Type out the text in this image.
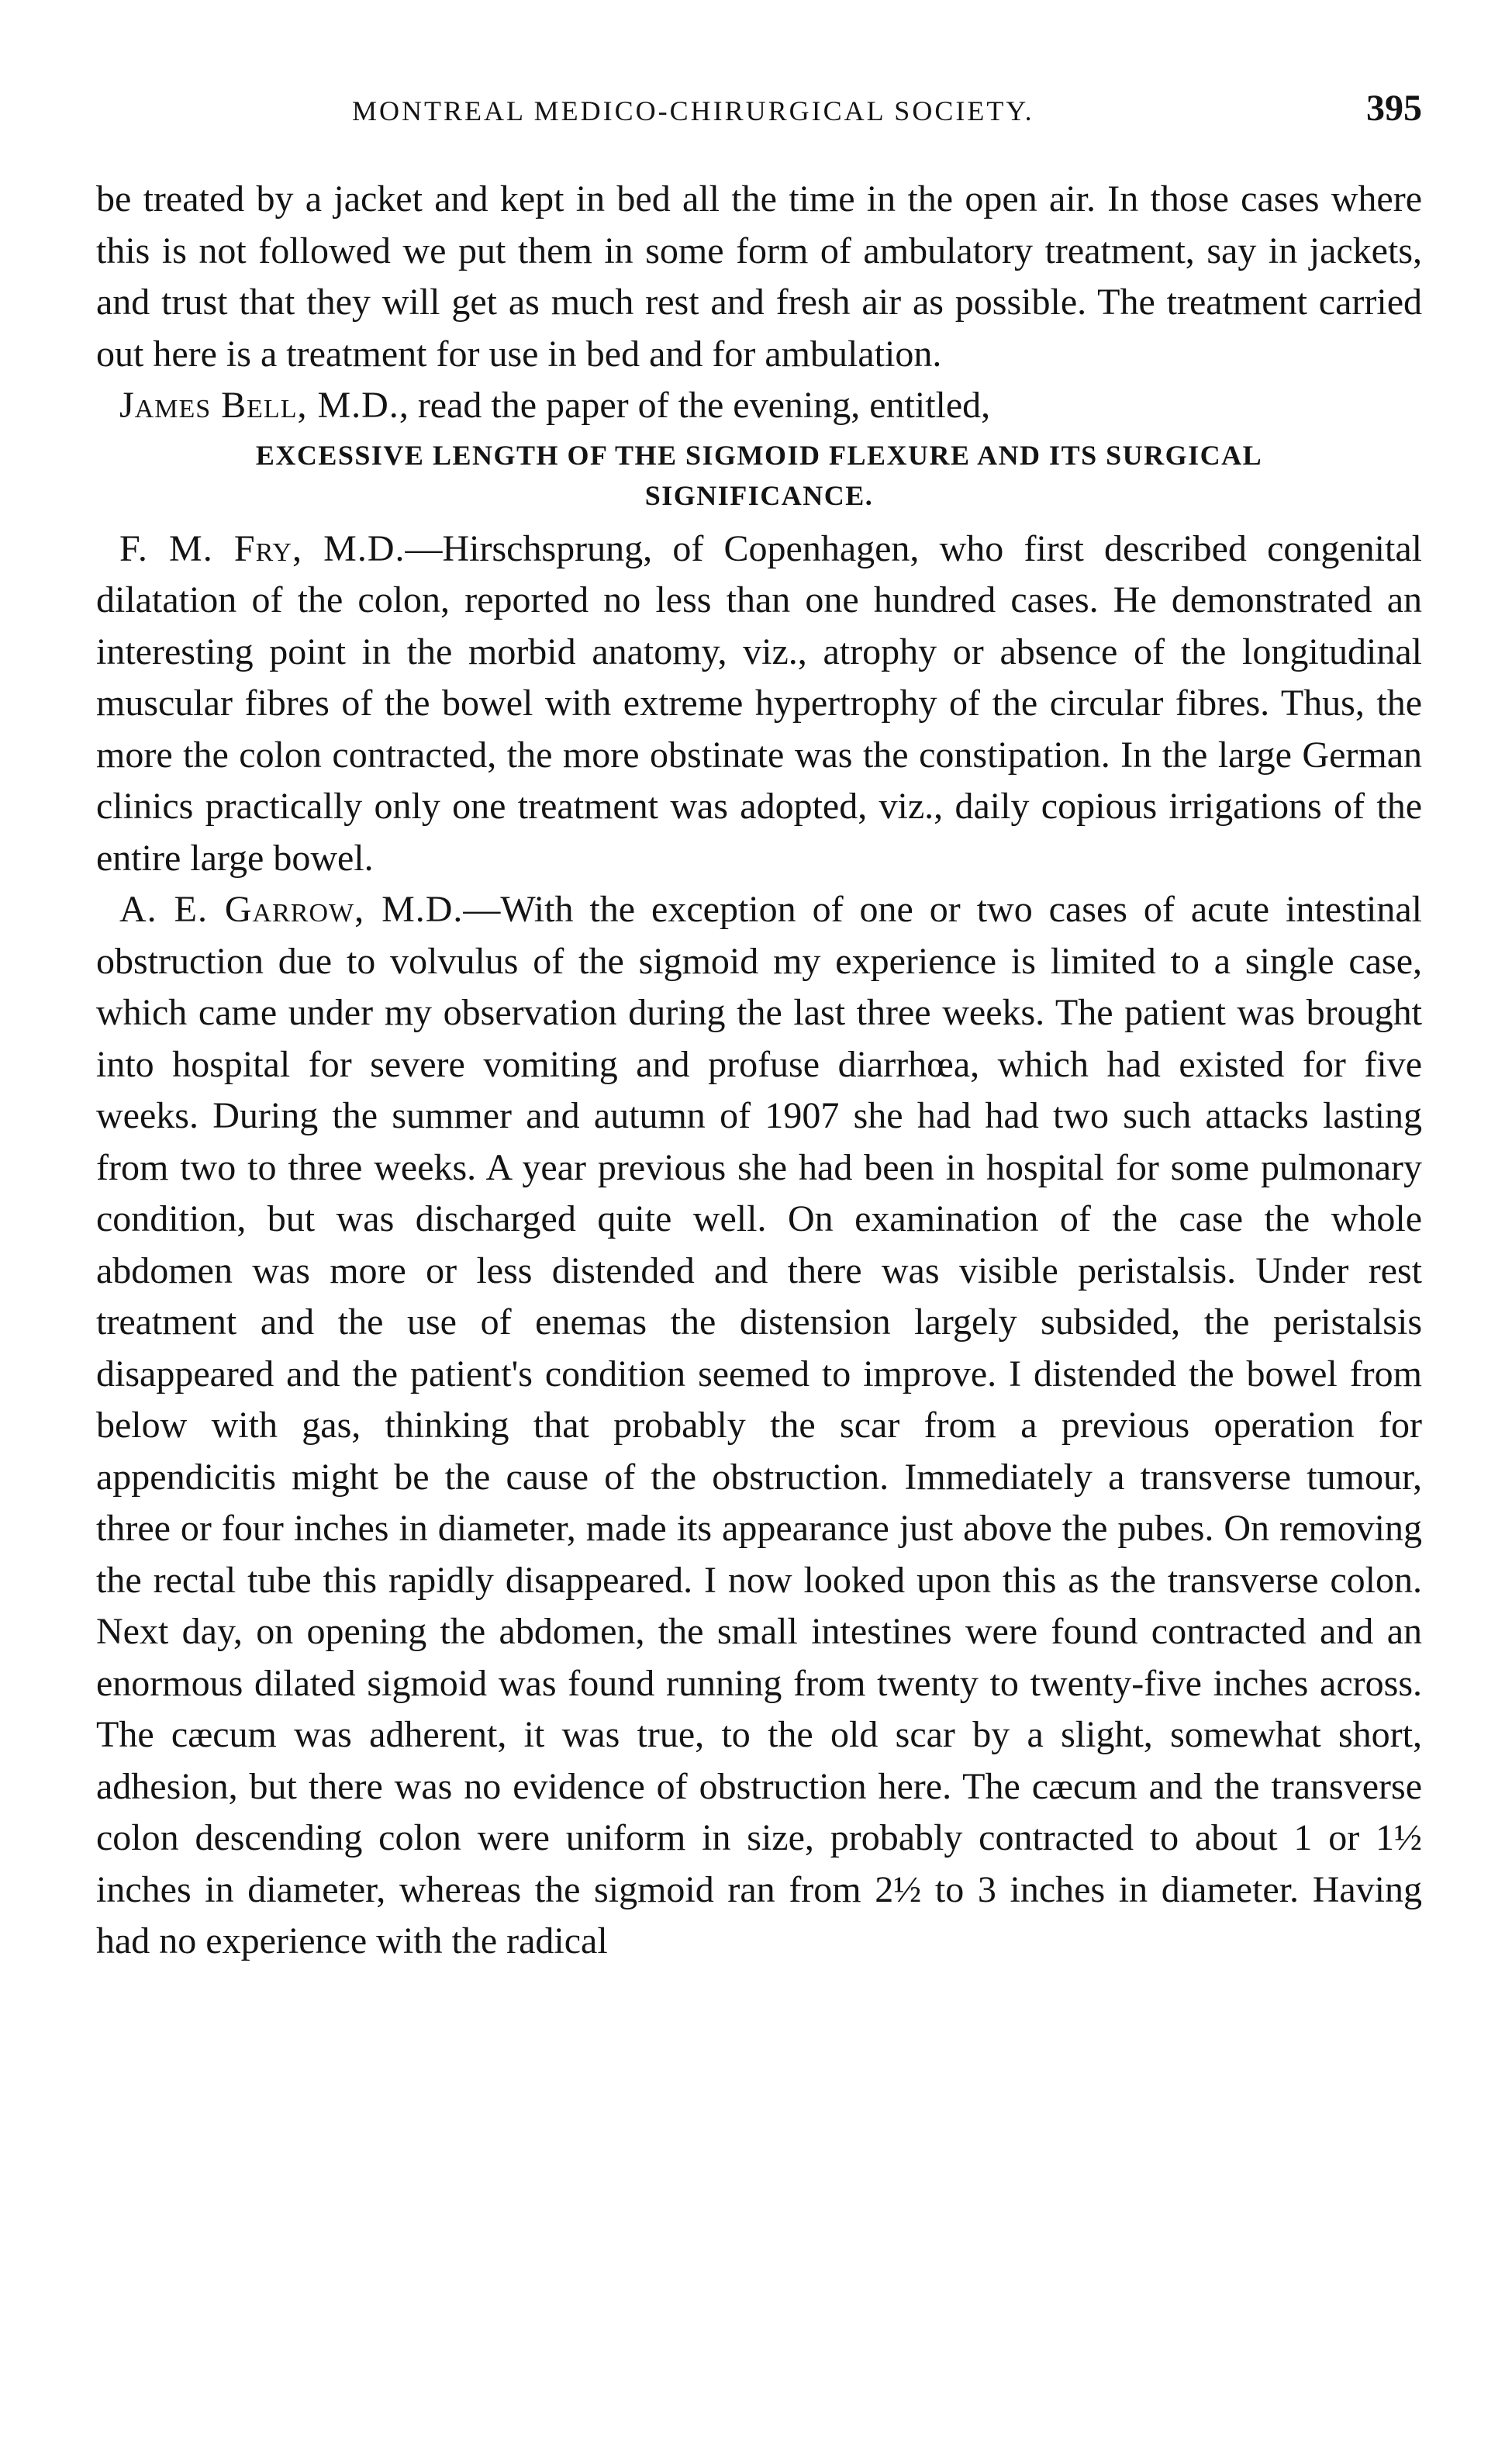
MONTREAL MEDICO-CHIRURGICAL SOCIETY.	395

be treated by a jacket and kept in bed all the time in the open air. In those cases where this is not followed we put them in some form of ambulatory treatment, say in jackets, and trust that they will get as much rest and fresh air as possible. The treatment carried out here is a treatment for use in bed and for ambulation.

James Bell, M.D., read the paper of the evening, entitled,

EXCESSIVE LENGTH OF THE SIGMOID FLEXURE AND ITS SURGICAL
SIGNIFICANCE.

F. M. Fry, M.D.—Hirschsprung, of Copenhagen, who first described congenital dilatation of the colon, reported no less than one hundred cases. He demonstrated an interesting point in the morbid anatomy, viz., atrophy or absence of the longitudinal muscular fibres of the bowel with extreme hypertrophy of the circular fibres. Thus, the more the colon contracted, the more obstinate was the constipation. In the large German clinics practically only one treatment was adopted, viz., daily copious irrigations of the entire large bowel.

A. E. Garrow, M.D.—With the exception of one or two cases of acute intestinal obstruction due to volvulus of the sigmoid my experience is limited to a single case, which came under my observation during the last three weeks. The patient was brought into hospital for severe vomiting and profuse diarrhœa, which had existed for five weeks. During the summer and autumn of 1907 she had had two such attacks lasting from two to three weeks. A year previous she had been in hospital for some pulmonary condition, but was discharged quite well. On examination of the case the whole abdomen was more or less distended and there was visible peristalsis. Under rest treatment and the use of enemas the distension largely subsided, the peristalsis disappeared and the patient's condition seemed to improve. I distended the bowel from below with gas, thinking that probably the scar from a previous operation for appendicitis might be the cause of the obstruction. Immediately a transverse tumour, three or four inches in diameter, made its appearance just above the pubes. On removing the rectal tube this rapidly disappeared. I now looked upon this as the transverse colon. Next day, on opening the abdomen, the small intestines were found contracted and an enormous dilated sigmoid was found running from twenty to twenty-five inches across. The cæcum was adherent, it was true, to the old scar by a slight, somewhat short, adhesion, but there was no evidence of obstruction here. The cæcum and the transverse colon descending colon were uniform in size, probably contracted to about 1 or 1½ inches in diameter, whereas the sigmoid ran from 2½ to 3 inches in diameter. Having had no experience with the radical
